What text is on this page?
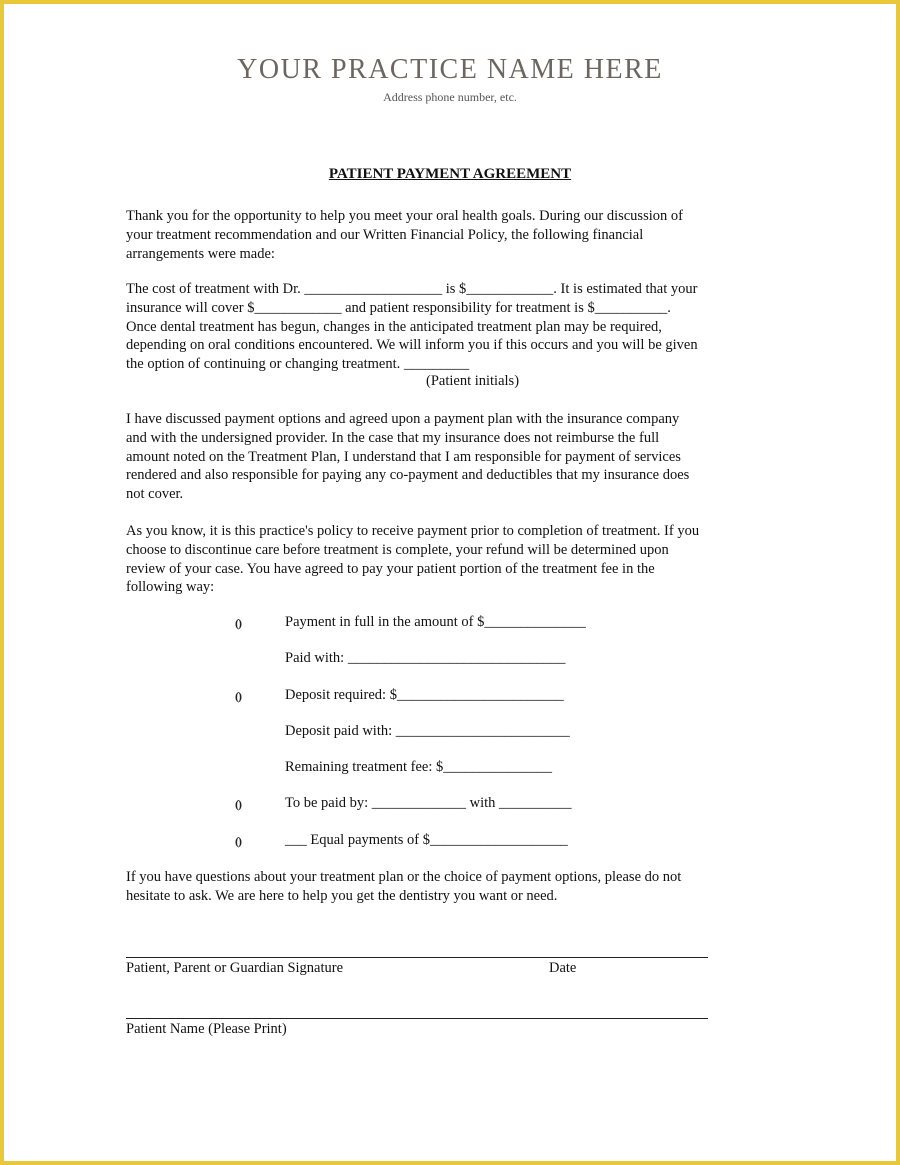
YOUR PRACTICE NAME HERE
Address phone number, etc.
PATIENT PAYMENT AGREEMENT
Thank you for the opportunity to help you meet your oral health goals. During our discussion of
your treatment recommendation and our Written Financial Policy, the following financial
arrangements were made:
The cost of treatment with Dr. ___________________ is $____________. It is estimated that your
insurance will cover $____________ and patient responsibility for treatment is $__________.
Once dental treatment has begun, changes in the anticipated treatment plan may be required,
depending on oral conditions encountered. We will inform you if this occurs and you will be given
the option of continuing or changing treatment. _________
(Patient initials)
I have discussed payment options and agreed upon a payment plan with the insurance company
and with the undersigned provider. In the case that my insurance does not reimburse the full
amount noted on the Treatment Plan, I understand that I am responsible for payment of services
rendered and also responsible for paying any co-payment and deductibles that my insurance does
not cover.
As you know, it is this practice's policy to receive payment prior to completion of treatment. If you
choose to discontinue care before treatment is complete, your refund will be determined upon
review of your case. You have agreed to pay your patient portion of the treatment fee in the
following way:
()	Payment in full in the amount of $______________
Paid with: ______________________________
()	Deposit required: $_______________________
Deposit paid with: ________________________
Remaining treatment fee: $_______________
()	To be paid by: _____________ with __________
()	___ Equal payments of $___________________
If you have questions about your treatment plan or the choice of payment options, please do not
hesitate to ask. We are here to help you get the dentistry you want or need.
Patient, Parent or Guardian Signature	Date
Patient Name (Please Print)
